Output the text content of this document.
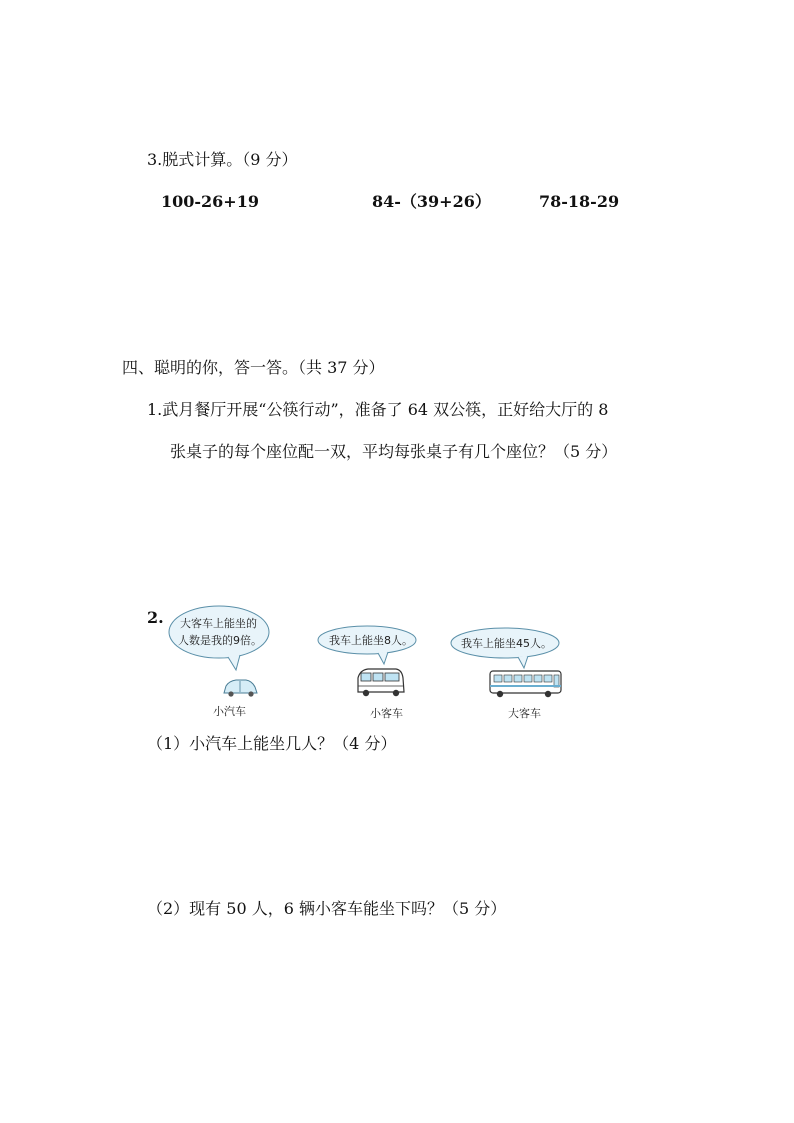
3.脱式计算。（9 分）
100-26+19	84-（39+26）	78-18-29
四、聪明的你，答一答。（共 37 分）
1.武月餐厅开展“公筷行动”，准备了 64 双公筷，正好给大厅的 8
张桌子的每个座位配一双，平均每张桌子有几个座位？（5 分）
2. 大客车上能坐的
人数是我的9倍。	我车上能坐8人。	我车上能坐45人。
小汽车	小客车	大客车
（1）小汽车上能坐几人？（4 分）
（2）现有 50 人，6 辆小客车能坐下吗？（5 分）
